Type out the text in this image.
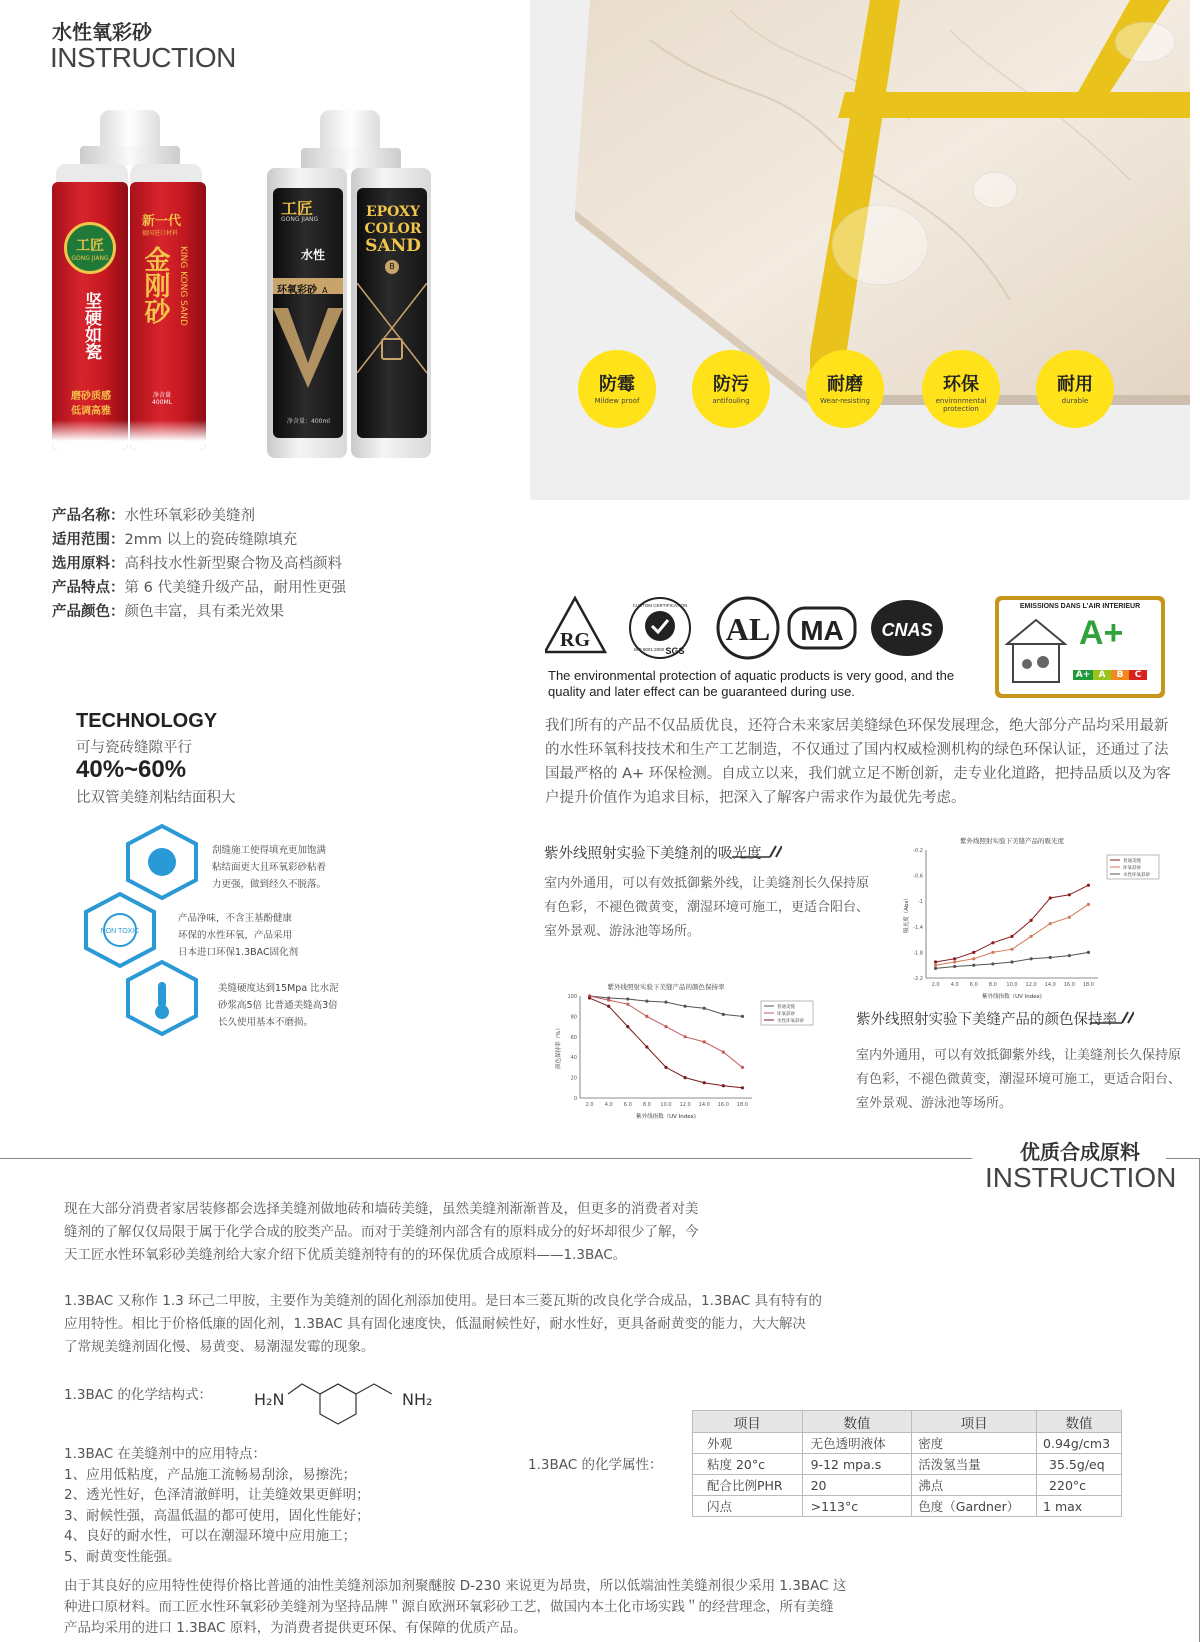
水性氧彩砂
INSTRUCTION
工匠
GONG JIANG
坚硬如瓷
磨砂质感
低调高雅
新一代
德国进口材料
金刚砂 KING KONG SAND
净含量
400ML
工匠
GONG JIANG
水性
环氧彩砂 A
净含量：400ml
EPOXY
COLOR
SAND
B
产品名称：水性环氧彩砂美缝剂
适用范围：2mm 以上的瓷砖缝隙填充
选用原料：高科技水性新型聚合物及高档颜料
产品特点：第 6 代美缝升级产品，耐用性更强
产品颜色：颜色丰富，具有柔光效果
防霉
Mildew proof
防污
antifouling
耐磨
Wear-resisting
环保
environmental protection
耐用
durable
RG
CUSTOM CERTIFICATION
ISO 9001:2000 SGS
AL MA CNAS
The environmental protection of aquatic products is very good, and the quality and later effect can be guaranteed during use.
EMISSIONS DANS L'AIR INTERIEUR
A+
A+ A	B	C
我们所有的产品不仅品质优良，还符合未来家居美缝绿色环保发展理念，绝大部分产品均采用最新的水性环氧科技技术和生产工艺制造，不仅通过了国内权威检测机构的绿色环保认证，还通过了法国最严格的 A+ 环保检测。自成立以来，我们就立足不断创新，走专业化道路，把持品质以及为客户提升价值作为追求目标，把深入了解客户需求作为最优先考虑。
TECHNOLOGY
可与瓷砖缝隙平行
40%~60%
比双管美缝剂粘结面积大
NON TOXIC
刮缝施工使得填充更加饱满
粘结面更大且环氧彩砂粘着
力更强，做到经久不脱落。
产品净味，不含王基酚健康
环保的水性环氧，产品采用
日本进口环保1.3BAC固化剂
美缝硬度达到15Mpa 比水泥
砂浆高5倍 比普通美缝高3倍
长久使用基本不磨损。
紫外线照射实验下美缝剂的吸光度
室内外通用，可以有效抵御紫外线，让美缝剂长久保持原
有色彩，不褪色微黄变，潮湿环境可施工，更适合阳台、
室外景观、游泳池等场所。
紫外线照射实验下美缝产品的吸光度
2.0 4.0 6.0 8.0 10.0 12.0 14.0 16.0 18.0
-2.2
-1.8
-1.4
-1
-0.6
-0.2
紫外线指数（UV Index)
吸光度（Abs）
普通美缝
环氧彩砂
水性环氧彩砂
紫外线照射实验下美缝产品的颜色保持率
2.0 4.0 6.0 8.0 10.0 12.0 14.0 16.0 18.0
0
20
40
60
80
100
紫外线指数（UV Index)
颜色保持率（%）
普通美缝
环氧彩砂
水性环氧彩砂	紫外线照射实验下美缝产品的颜色保持率
室内外通用，可以有效抵御紫外线，让美缝剂长久保持原
有色彩，不褪色微黄变，潮湿环境可施工，更适合阳台、
室外景观、游泳池等场所。
优质合成原料
INSTRUCTION
现在大部分消费者家居装修都会选择美缝剂做地砖和墙砖美缝，虽然美缝剂渐渐普及，但更多的消费者对美
缝剂的了解仅仅局限于属于化学合成的胶类产品。而对于美缝剂内部含有的原料成分的好坏却很少了解，今
天工匠水性环氧彩砂美缝剂给大家介绍下优质美缝剂特有的的环保优质合成原料——1.3BAC。
1.3BAC 又称作 1.3 环己二甲胺，主要作为美缝剂的固化剂添加使用。是曰本三菱瓦斯的改良化学合成品，1.3BAC 具有特有的
应用特性。相比于价格低廉的固化剂，1.3BAC 具有固化速度快，低温耐候性好，耐水性好，更具备耐黄变的能力，大大解决
了常规美缝剂固化慢、易黄变、易潮湿发霉的现象。
1.3BAC 的化学结构式：	H₂N	NH₂
1.3BAC 在美缝剂中的应用特点：
1、应用低粘度，产品施工流畅易刮涂，易擦洗；
2、透光性好，色泽清澈鲜明，让美缝效果更鲜明；
3、耐候性强，高温低温的都可使用，固化性能好；
4、良好的耐水性，可以在潮湿环境中应用施工；
5、耐黄变性能强。
1.3BAC 的化学属性：
项目	数值	项目	数值
外观	无色透明液体	密度	0.94g/cm3
粘度 20°c	9-12 mpa.s	活泼氢当量	35.5g/eq
配合比例PHR	20	沸点	220°c
闪点	>113°c	色度（Gardner）	1 max
由于其良好的应用特性使得价格比普通的油性美缝剂添加剂聚醚胺 D-230 来说更为昂贵，所以低端油性美缝剂很少采用 1.3BAC 这
种进口原材料。而工匠水性环氧彩砂美缝剂为坚持品牌＂源自欧洲环氧彩砂工艺，做国内本土化市场实践＂的经营理念，所有美缝
产品均采用的进口 1.3BAC 原料，为消费者提供更环保、有保障的优质产品。
